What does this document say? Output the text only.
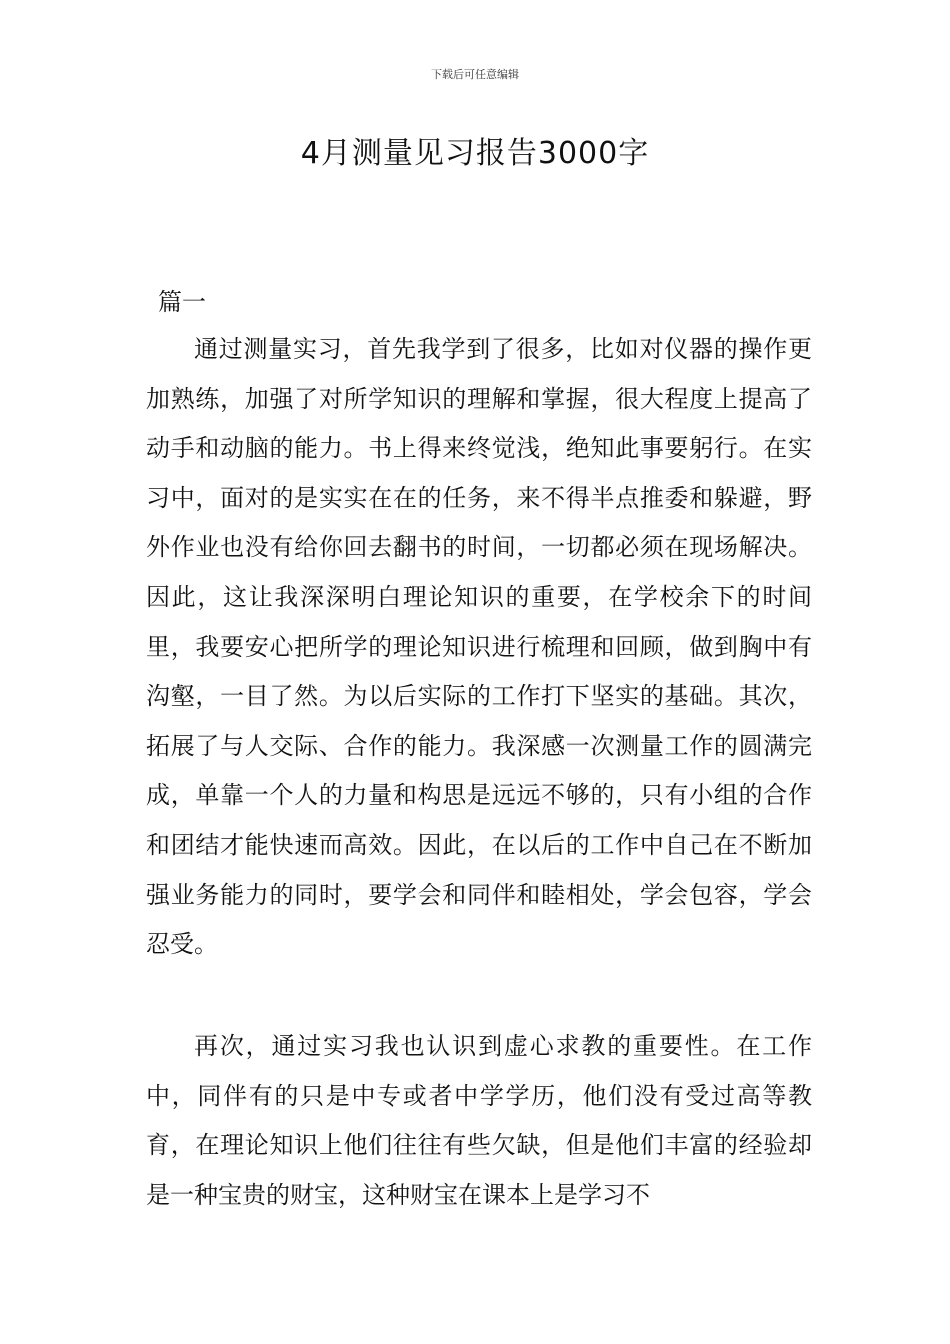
下载后可任意编辑
4月测量见习报告3000字
篇一

通过测量实习，首先我学到了很多，比如对仪器的操作更加熟练，加强了对所学知识的理解和掌握，很大程度上提高了动手和动脑的能力。书上得来终觉浅，绝知此事要躬行。在实习中，面对的是实实在在的任务，来不得半点推委和躲避，野外作业也没有给你回去翻书的时间，一切都必须在现场解决。因此，这让我深深明白理论知识的重要，在学校余下的时间里，我要安心把所学的理论知识进行梳理和回顾，做到胸中有沟壑，一目了然。为以后实际的工作打下坚实的基础。其次，拓展了与人交际、合作的能力。我深感一次测量工作的圆满完成，单靠一个人的力量和构思是远远不够的，只有小组的合作和团结才能快速而高效。因此，在以后的工作中自己在不断加强业务能力的同时，要学会和同伴和睦相处，学会包容，学会忍受。

再次，通过实习我也认识到虚心求教的重要性。在工作中，同伴有的只是中专或者中学学历，他们没有受过高等教育，在理论知识上他们往往有些欠缺，但是他们丰富的经验却是一种宝贵的财宝，这种财宝在课本上是学习不
